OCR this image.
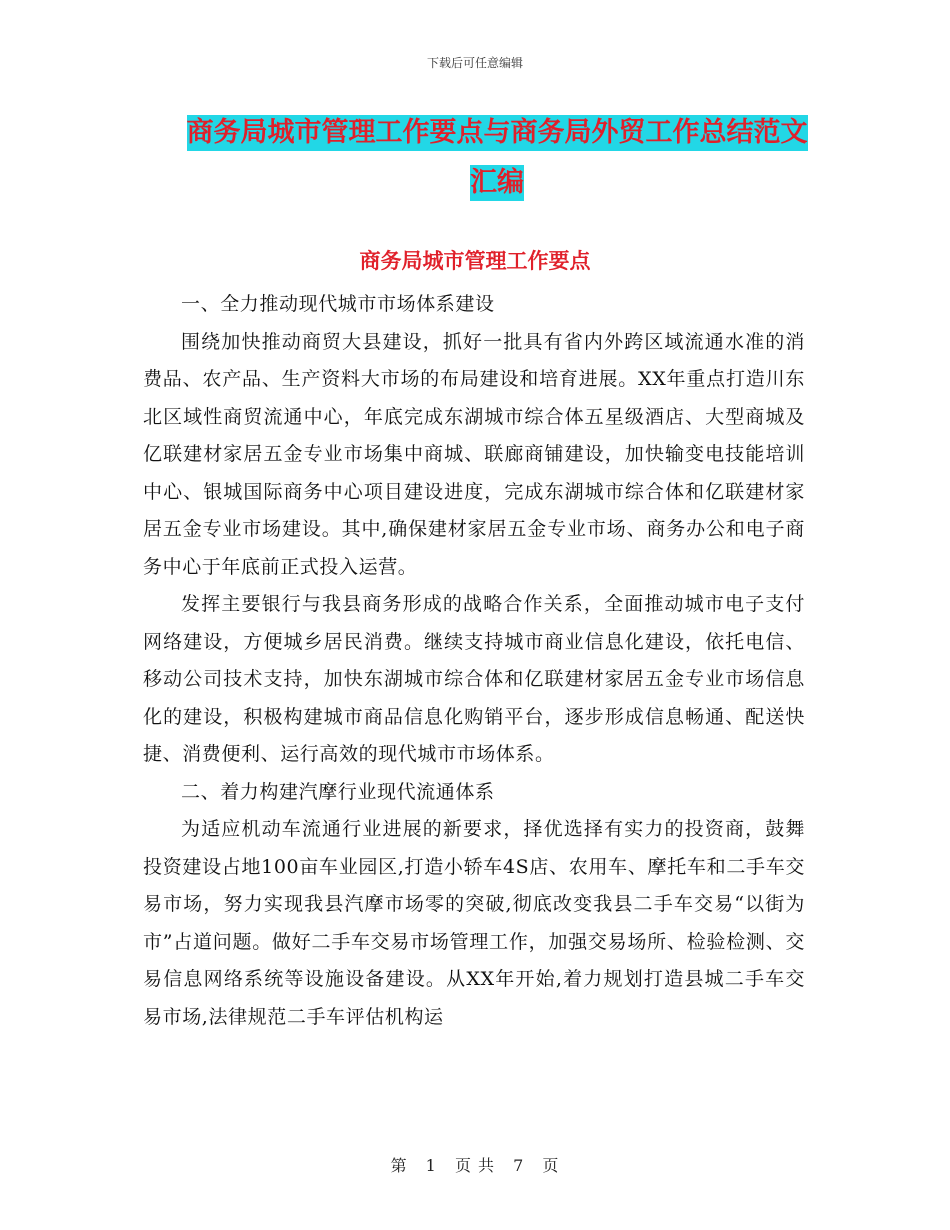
下载后可任意编辑
商务局城市管理工作要点与商务局外贸工作总结范文
汇编
商务局城市管理工作要点

一、全力推动现代城市市场体系建设

围绕加快推动商贸大县建设，抓好一批具有省内外跨区域流通水准的消费品、农产品、生产资料大市场的布局建设和培育进展。XX年重点打造川东北区域性商贸流通中心，年底完成东湖城市综合体五星级酒店、大型商城及亿联建材家居五金专业市场集中商城、联廊商铺建设，加快输变电技能培训中心、银城国际商务中心项目建设进度，完成东湖城市综合体和亿联建材家居五金专业市场建设。其中,确保建材家居五金专业市场、商务办公和电子商务中心于年底前正式投入运营。

发挥主要银行与我县商务形成的战略合作关系，全面推动城市电子支付网络建设，方便城乡居民消费。继续支持城市商业信息化建设，依托电信、移动公司技术支持，加快东湖城市综合体和亿联建材家居五金专业市场信息化的建设，积极构建城市商品信息化购销平台，逐步形成信息畅通、配送快捷、消费便利、运行高效的现代城市市场体系。

二、着力构建汽摩行业现代流通体系

为适应机动车流通行业进展的新要求，择优选择有实力的投资商，鼓舞投资建设占地100亩车业园区,打造小轿车4S店、农用车、摩托车和二手车交易市场，努力实现我县汽摩市场零的突破,彻底改变我县二手车交易“以街为市”占道问题。做好二手车交易市场管理工作，加强交易场所、检验检测、交易信息网络系统等设施设备建设。从XX年开始,着力规划打造县城二手车交易市场,法律规范二手车评估机构运

第 1 页 共 7 页
